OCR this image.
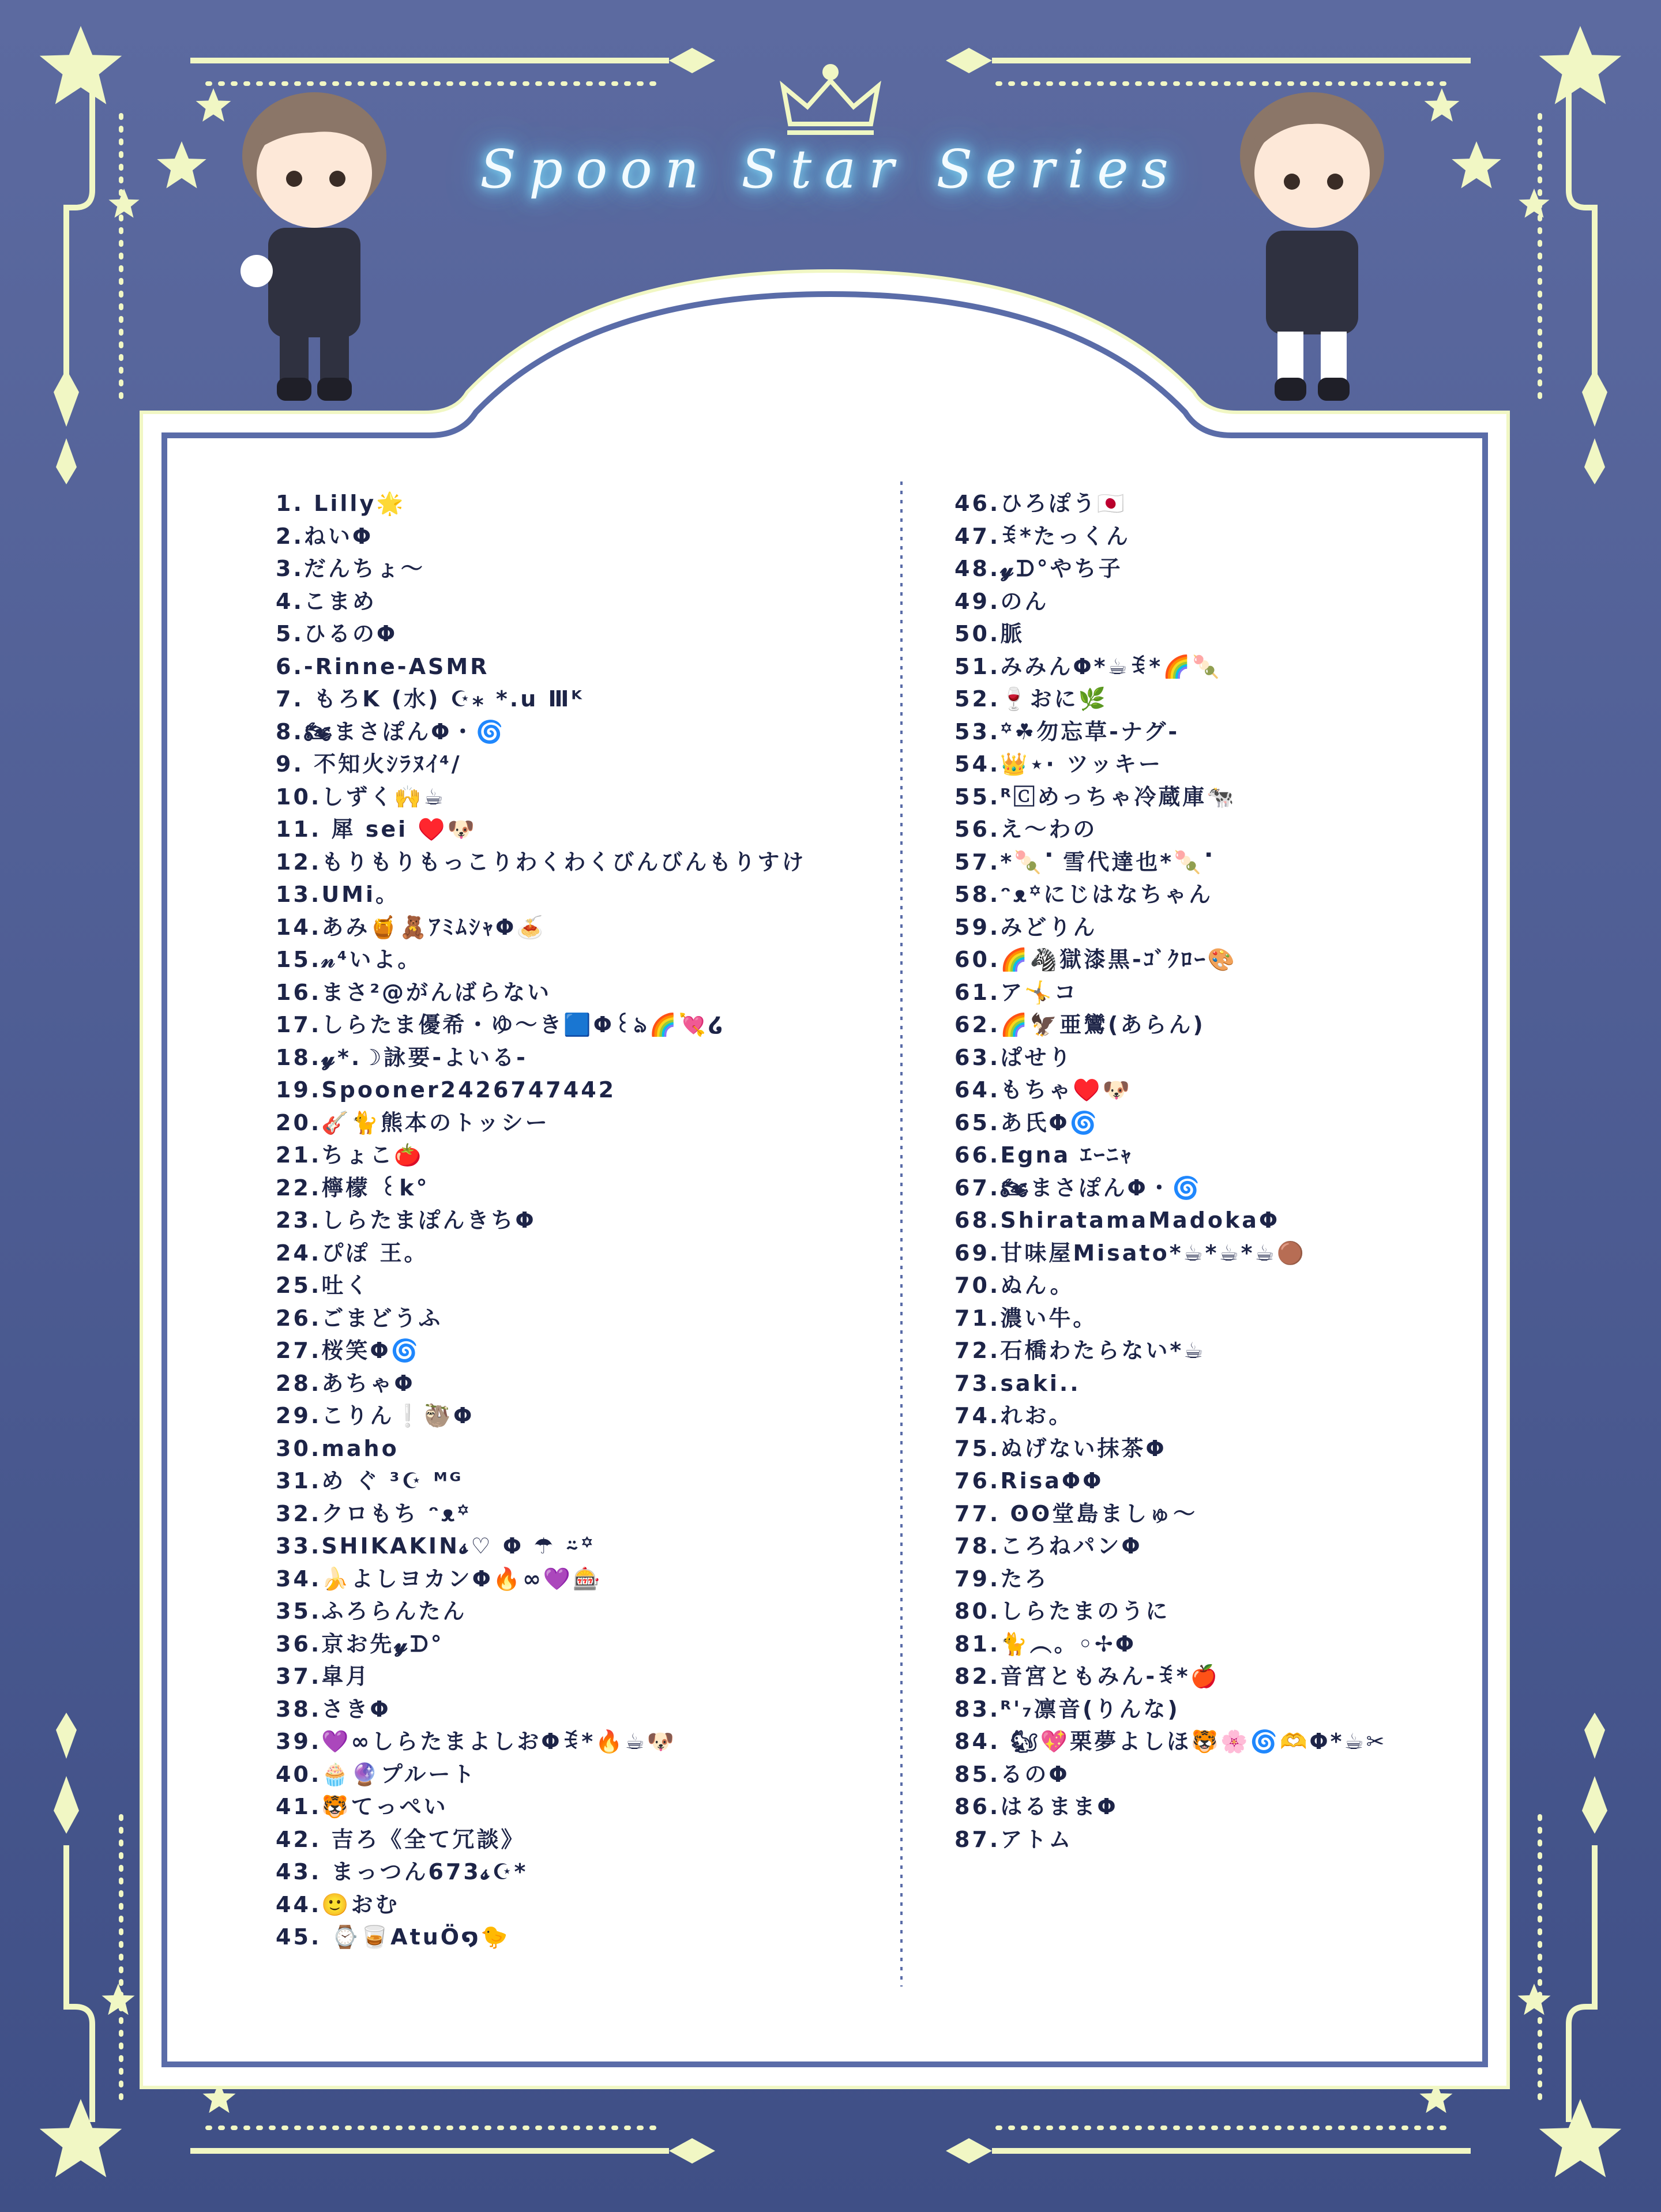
Spoon Star Series
1. Lilly🌟
2.ねいΦ
3.だんちょ〜
4.こまめ
5.ひるのΦ
6.-Rinne-ASMR
7. もろK (水) ☪︎⁎ *.u Ⅲᴷ
8.🏍まさぽんΦ・🌀
9. 不知火ｼﾗﾇｲ⁴/
10.しずく🙌☕
11. 犀 sei ♥️🐶
12.もりもりもっこりわくわくびんびんもりすけ
13.UMi。
14.あみ🍯🧸ｱﾐﾑｼｬΦ🍝
15.𝓃⁴いよ。
16.まさ²@がんばらない
17.しらたま優希・ゆ〜き🟦Φ꒰ঌ🌈💘໒
18.𝔂*.☽詠要-よいる-
19.Spooner2426747442
20.🎸🐈熊本のトッシー
21.ちょこ🍅
22.檸檬 ꒰k°
23.しらたまぽんきちΦ
24.ぴぽ 王。
25.吐く
26.ごまどうふ
27.桜笑Φ🌀
28.あちゃΦ
29.こりん❕🦥Φ
30.maho
31.め ぐ ³☪︎ ᴹᴳ
32.クロもち ᵔᴥ꙳
33.SHIKAKIN𝓼♡ Φ ☂︎ ⍨꙳
34.🍌よしヨカンΦ🔥∞💜🎰
35.ふろらんたん
36.京お先𝔂ᗪ°
37.皐月
38.さきΦ
39.💜∞しらたまよしおΦꉂ*🔥☕🐶
40.🧁🔮プルート
41.🐯てっぺい
42. 吉ろ《全て冗談》
43. まっつん673𝓼☪︎*
44.🙂おむ
45. ⌚🥃AtuÖ໑🐤
46.ひろぽう🇯🇵
47.ꉂ*たっくん
48.𝔂ᗪ°やち子
49.のん
50.脈
51.みみんΦ*☕ꉂ*🌈🍡
52.🍷おに🌿
53.꙳☘勿忘草-ナグ-
54.👑⋆· ツッキー
55.ᴿ🄲めっちゃ冷蔵庫🐄
56.え〜わの
57.*🍡⠁雪代達也*🍡⠁
58.ᵔᴥ꙳にじはなちゃん
59.みどりん
60.🌈🦓獄漆黒-ｺﾞｸﾛｰ🎨
61.ア🤸コ
62.🌈🦅亜鸞(あらん)
63.ぱせり
64.もちゃ♥️🐶
65.あ氏Φ🌀
66.Egna ｴｰﾆｬ
67.🏍まさぽんΦ・🌀
68.ShiratamaMadokaΦ
69.甘味屋Misato*☕*☕*☕🟤
70.ぬん。
71.濃い牛。
72.石橋わたらない*☕
73.saki..
74.れお。
75.ぬげない抹茶Φ
76.RisaΦΦ
77. ʘʘ堂島ましゅ〜
78.ころねパンΦ
79.たろ
80.しらたまのうに
81.🐈︵。◦✢Φ
82.音宮ともみん-ꉂ*🍎
83.ᴿ'₇凛音(りんな)
84. 🐿💖栗夢よしほ🐯🌸🌀🫶Φ*☕✂
85.るのΦ
86.はるままΦ
87.アトム
